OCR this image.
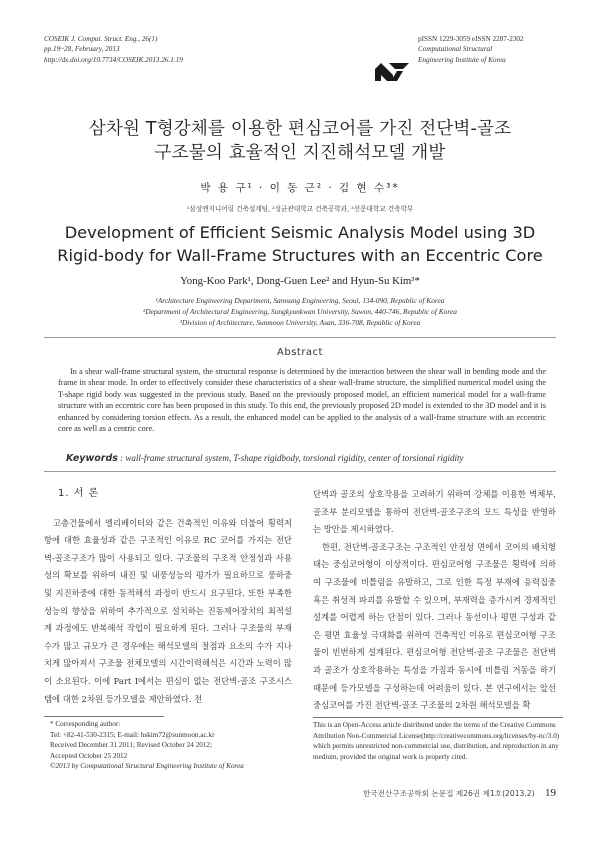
COSEIK J. Comput. Struct. Eng., 26(1)
pp.19~28, February, 2013
http://dx.doi.org/10.7734/COSEIK.2013.26.1.19
pISSN 1229-3059 eISSN 2287-2302
Computational Structural
Engineering Institute of Korea
삼차원 T형강체를 이용한 편심코어를 가진 전단벽-골조
구조물의 효율적인 지진해석모델 개발
박 용 구¹ · 이 동 근² · 김 현 수³*
¹삼성엔지니어링 건축설계팀, ²성균관대학교 건축공학과, ³선문대학교 건축학부
Development of Efficient Seismic Analysis Model using 3D
Rigid-body for Wall-Frame Structures with an Eccentric Core
Yong-Koo Park¹, Dong-Guen Lee² and Hyun-Su Kim³*
¹Architecture Engineering Department, Samsung Engineering, Seoul, 134-090, Republic of Korea
²Department of Architectural Engineering, Sungkyunkwan University, Suwon, 440-746, Republic of Korea
³Division of Architecture, Sunmoon University, Asan, 336-708, Republic of Korea
Abstract
In a shear wall-frame structural system, the structural response is determined by the interaction between the shear wall in bending mode and the frame in shear mode. In order to effectively consider these characteristics of a shear wall-frame structure, the simplified numerical model using the T-shape rigid body was suggested in the previous study. Based on the previously proposed model, an efficient numerical model for a wall-frame structure with an eccentric core has been proposed in this study. To this end, the previously proposed 2D model is extended to the 3D model and it is enhanced by considering torsion effects. As a result, the enhanced model can be applied to the analysis of a wall-frame structure with an eccentric core as well as a centric core.
Keywords : wall-frame structural system, T-shape rigidbody, torsional rigidity, center of torsional rigidity
1. 서 론
고층건물에서 엘리베이터와 같은 건축적인 이유와 더불어 횡력저항에 대한 효율성과 같은 구조적인 이유로 RC 코어를 가지는 전단벽-골조구조가 많이 사용되고 있다. 구조물의 구조적 안정성과 사용성의 확보를 위하여 내진 및 내풍성능의 평가가 필요하므로 풍하중 및 지진하중에 대한 동적해석 과정이 반드시 요구된다. 또한 부족한 성능의 향상을 위하여 추가적으로 설치하는 진동제어장치의 최적설계 과정에도 반복해석 작업이 필요하게 된다. 그러나 구조물의 부재수가 많고 규모가 큰 경우에는 해석모델의 절점과 요소의 수가 지나치게 많아져서 구조물 전체모델의 시간이력해석은 시간과 노력이 많이 소요된다. 이에 Part I에서는 편심이 없는 전단벽-골조 구조시스템에 대한 2차원 등가모델을 제안하였다. 전
단벽과 골조의 상호작용을 고려하기 위하여 강체를 이용한 벽체부, 골조부 분리모델을 통하여 전단벽-골조구조의 모드 특성을 반영하는 방안을 제시하였다.
한편, 전단벽-골조구조는 구조적인 안정성 면에서 코어의 배치형태는 중심코어형이 이상적이다. 편심코어형 구조물은 횡력에 의하여 구조물에 비틀림을 유발하고, 그로 인한 특정 부재에 응력집중 혹은 취성적 파괴를 유발할 수 있으며, 부재력을 증가시켜 경제적인 설계를 어렵게 하는 단점이 있다. 그러나 동선이나 평면 구성과 같은 평면 효율성 극대화를 위하여 건축적인 이유로 편심코어형 구조물이 빈번하게 설계된다. 편심코어형 전단벽-골조 구조물은 전단벽과 골조가 상호작용하는 특성을 가짐과 동시에 비틀림 거동을 하기 때문에 등가모델을 구성하는데 어려움이 있다. 본 연구에서는 앞선 중심코어를 가진 전단벽-골조 구조물의 2차원 해석모델을 확
* Corresponding author:
Tel: +82-41-530-2315; E-mail: hskim72@sunmoon.ac.kr
Received December 31 2011; Revised October 24 2012;
Accepted October 25 2012
©2013 by Computational Structural Engineering Institute of Korea
This is an Open-Access article distributed under the terms of the Creative Commons Attribution Non-Commercial License(http://creativecommons.org/licenses/by-nc/3.0) which permits unrestricted non-commercial use, distribution, and reproduction in any medium, provided the original work is properly cited.
한국전산구조공학회 논문집 제26권 제1호(2013.2) 19
